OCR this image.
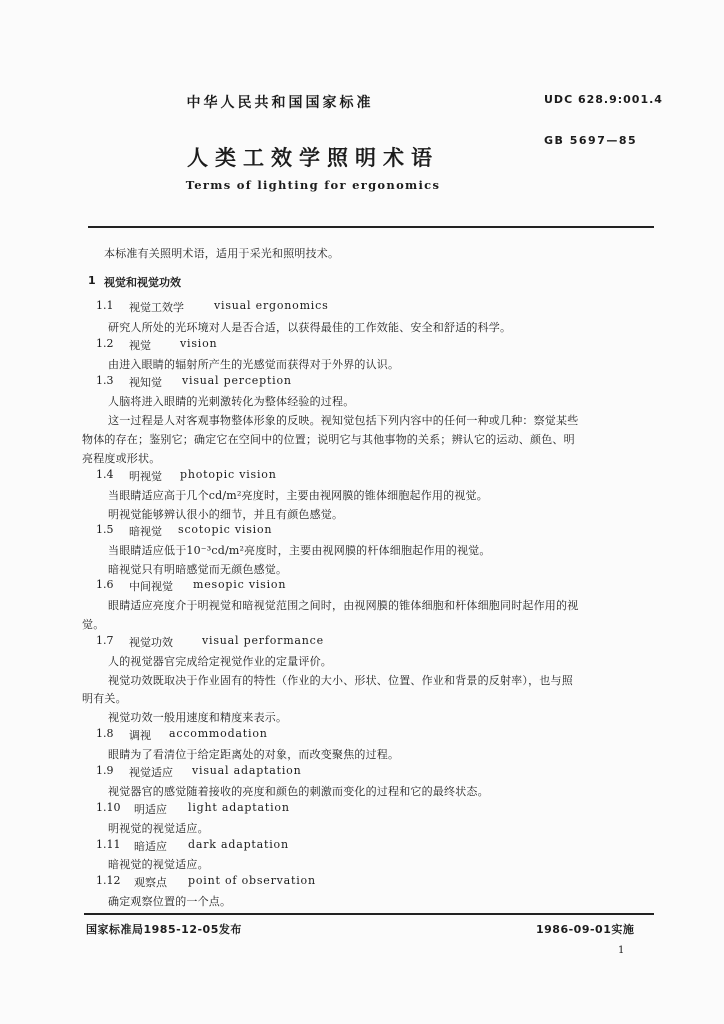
中华人民共和国国家标准	UDC 628.9:001.4
GB 5697—85
人类工效学照明术语
Terms of lighting for ergonomics
本标准有关照明术语，适用于采光和照明技术。
1 视觉和视觉功效
1.1 视觉工效学	visual ergonomics
研究人所处的光环境对人是否合适，以获得最佳的工作效能、安全和舒适的科学。
1.2 视觉	vision
由进入眼睛的辐射所产生的光感觉而获得对于外界的认识。
1.3 视知觉 visual perception
人脑将进入眼睛的光刺激转化为整体经验的过程。
这一过程是人对客观事物整体形象的反映。视知觉包括下列内容中的任何一种或几种：察觉某些
物体的存在；鉴别它；确定它在空间中的位置；说明它与其他事物的关系；辨认它的运动、颜色、明
亮程度或形状。
1.4 明视觉 photopic vision
当眼睛适应高于几个cd/m²亮度时，主要由视网膜的锥体细胞起作用的视觉。
明视觉能够辨认很小的细节，并且有颜色感觉。
1.5 暗视觉 scotopic vision
当眼睛适应低于10⁻³cd/m²亮度时，主要由视网膜的杆体细胞起作用的视觉。
暗视觉只有明暗感觉而无颜色感觉。
1.6 中间视觉 mesopic vision
眼睛适应亮度介于明视觉和暗视觉范围之间时，由视网膜的锥体细胞和杆体细胞同时起作用的视
觉。
1.7 视觉功效	visual performance
人的视觉器官完成给定视觉作业的定量评价。
视觉功效既取决于作业固有的特性（作业的大小、形状、位置、作业和背景的反射率），也与照
明有关。
视觉功效一般用速度和精度来表示。
1.8 调视 accommodation
眼睛为了看清位于给定距离处的对象，而改变聚焦的过程。
1.9 视觉适应 visual adaptation
视觉器官的感觉随着接收的亮度和颜色的刺激而变化的过程和它的最终状态。
1.10 明适应 light adaptation
明视觉的视觉适应。
1.11 暗适应 dark adaptation
暗视觉的视觉适应。
1.12 观察点 point of observation
确定观察位置的一个点。
国家标准局1985-12-05发布	1986-09-01实施
1
